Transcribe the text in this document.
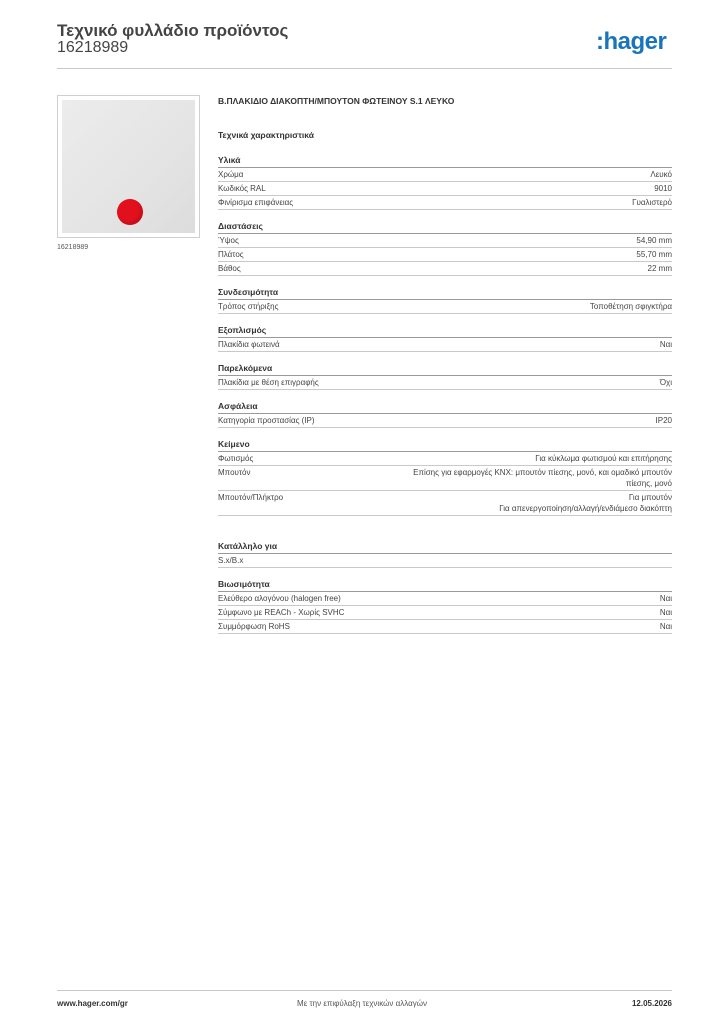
Τεχνικό φυλλάδιο προϊόντος
16218989	:hager
16218989
Β.ΠΛΑΚΙΔΙΟ ΔΙΑΚΟΠΤΗ/ΜΠΟΥΤΟΝ ΦΩΤΕΙΝΟΥ S.1 ΛΕΥΚΟ
Τεχνικά χαρακτηριστικά
Υλικά
Χρώμα	Λευκό
Κωδικός RAL	9010
Φινίρισμα επιφάνειας	Γυαλιστερό
Διαστάσεις
Ύψος	54,90 mm
Πλάτος	55,70 mm
Βάθος	22 mm
Συνδεσιμότητα
Τρόπος στήριξης	Τοποθέτηση σφιγκτήρα
Εξοπλισμός
Πλακίδια φωτεινά	Ναι
Παρελκόμενα
Πλακίδια με θέση επιγραφής	Όχι
Ασφάλεια
Κατηγορία προστασίας (IP)	IP20
Κείμενο
Φωτισμός	Για κύκλωμα φωτισμού και επιτήρησης
Μπουτόν	Επίσης για εφαρμογές KNX: μπουτόν πίεσης, μονό, και ομαδικό μπουτόν
πίεσης, μονό
Μπουτόν/Πλήκτρο	Για μπουτόν
Για απενεργοποίηση/αλλαγή/ενδιάμεσο διακόπτη
Κατάλληλο για
S.x/B.x
Βιωσιμότητα
Ελεύθερο αλογόνου (halogen free)	Ναι
Σύμφωνο με REACh - Χωρίς SVHC	Ναι
Συμμόρφωση RoHS	Ναι
www.hager.com/gr	Με την επιφύλαξη τεχνικών αλλαγών	12.05.2026
